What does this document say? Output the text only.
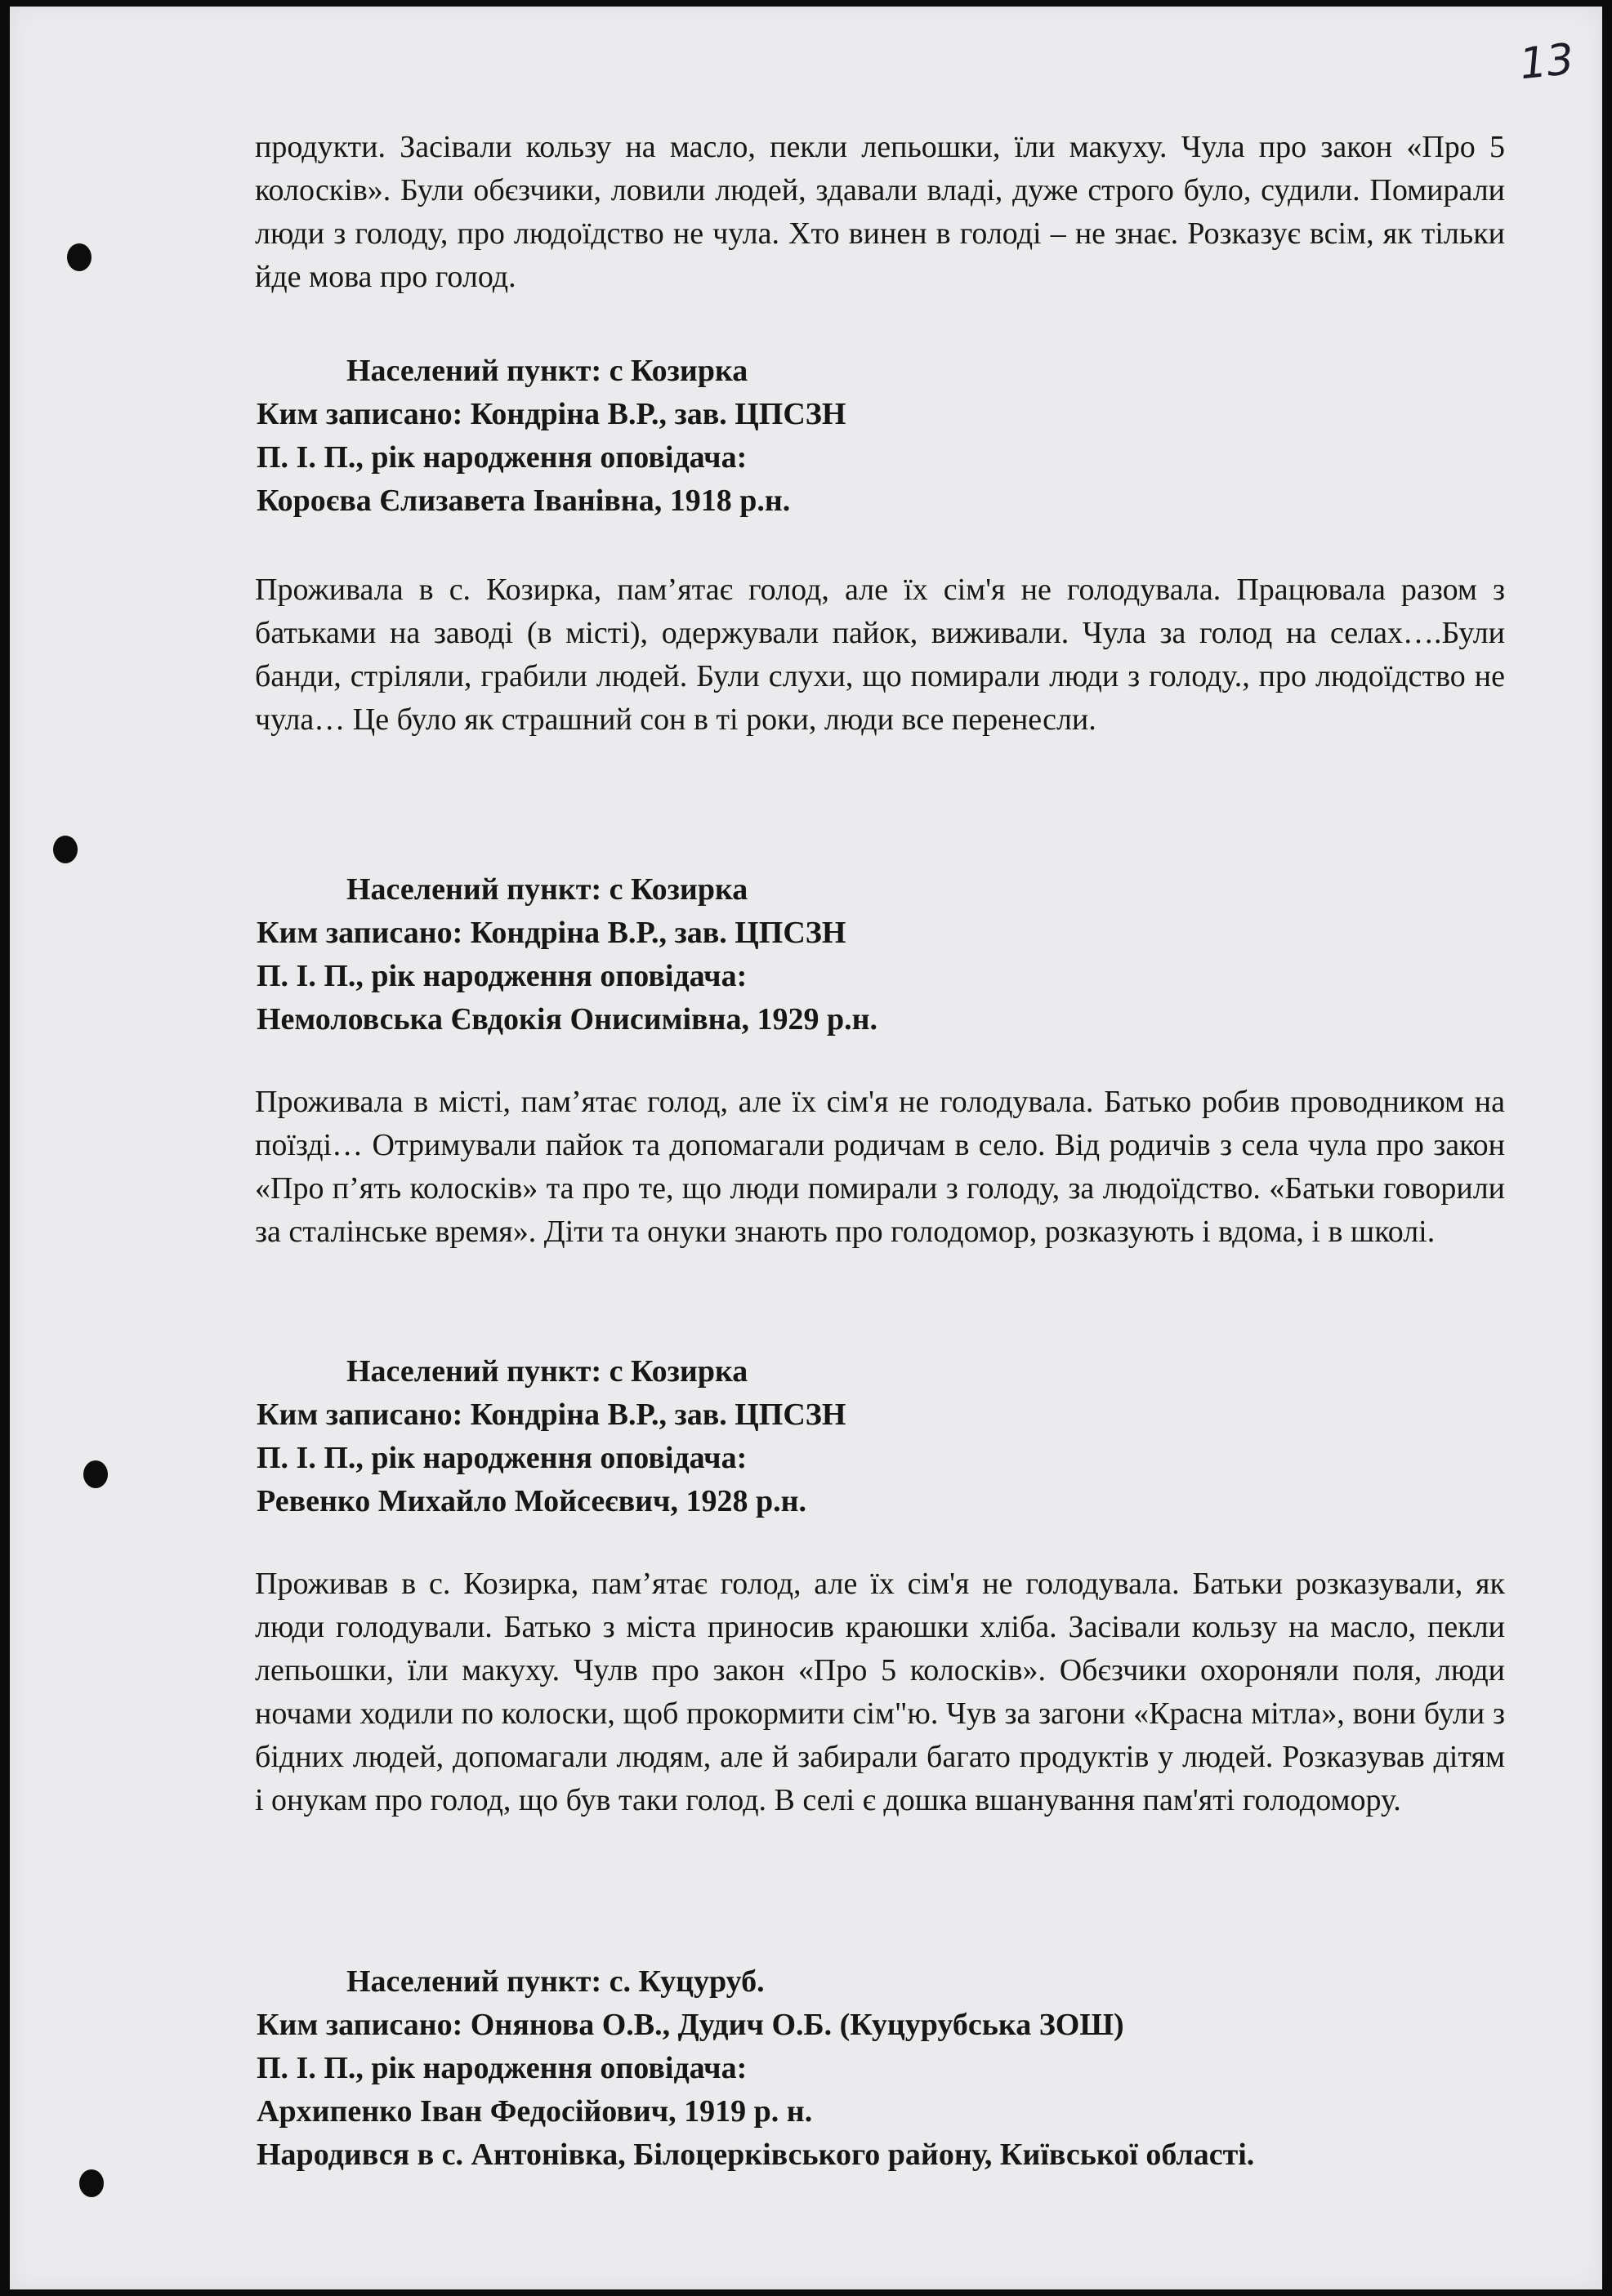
13
продукти. Засівали кользу на масло, пекли лепьошки, їли макуху. Чула про закон «Про 5 колосків». Були обєзчики, ловили людей, здавали владі, дуже строго було, судили. Помирали люди з голоду, про людоїдство не чула. Хто винен в голоді – не знає. Розказує всім, як тільки йде мова про голод.
Населений пункт: с Козирка
Ким записано: Кондріна В.Р., зав. ЦПСЗН
П. І. П., рік народження оповідача:
Короєва Єлизавета Іванівна, 1918 р.н.
Проживала в с. Козирка, пам’ятає голод, але їх сім'я не голодувала. Працювала разом з батьками на заводі (в місті), одержували пайок, виживали. Чула за голод на селах….Були банди, стріляли, грабили людей. Були слухи, що помирали люди з голоду., про людоїдство не чула… Це було як страшний сон в ті роки, люди все перенесли.
Населений пункт: с Козирка
Ким записано: Кондріна В.Р., зав. ЦПСЗН
П. І. П., рік народження оповідача:
Немоловська Євдокія Онисимівна, 1929 р.н.
Проживала в місті, пам’ятає голод, але їх сім'я не голодувала. Батько робив проводником на поїзді… Отримували пайок та допомагали родичам в село. Від родичів з села чула про закон «Про п’ять колосків» та про те, що люди помирали з голоду, за людоїдство. «Батьки говорили за сталінське время». Діти та онуки знають про голодомор, розказують і вдома, і в школі.
Населений пункт: с Козирка
Ким записано: Кондріна В.Р., зав. ЦПСЗН
П. І. П., рік народження оповідача:
Ревенко Михайло Мойсеєвич, 1928 р.н.
Проживав в с. Козирка, пам’ятає голод, але їх сім'я не голодувала. Батьки розказували, як люди голодували. Батько з міста приносив краюшки хліба. Засівали кользу на масло, пекли лепьошки, їли макуху. Чулв про закон «Про 5 колосків». Обєзчики охороняли поля, люди ночами ходили по колоски, щоб прокормити сім"ю. Чув за загони «Красна мітла», вони були з бідних людей, допомагали людям, але й забирали багато продуктів у людей. Розказував дітям і онукам про голод, що був таки голод. В селі є дошка вшанування пам'яті голодомору.
Населений пункт: с. Куцуруб.
Ким записано: Онянова О.В., Дудич О.Б. (Куцурубська ЗОШ)
П. І. П., рік народження оповідача:
Архипенко Іван Федосійович, 1919 р. н.
Народився в с. Антонівка, Білоцерківського району, Київської області.
